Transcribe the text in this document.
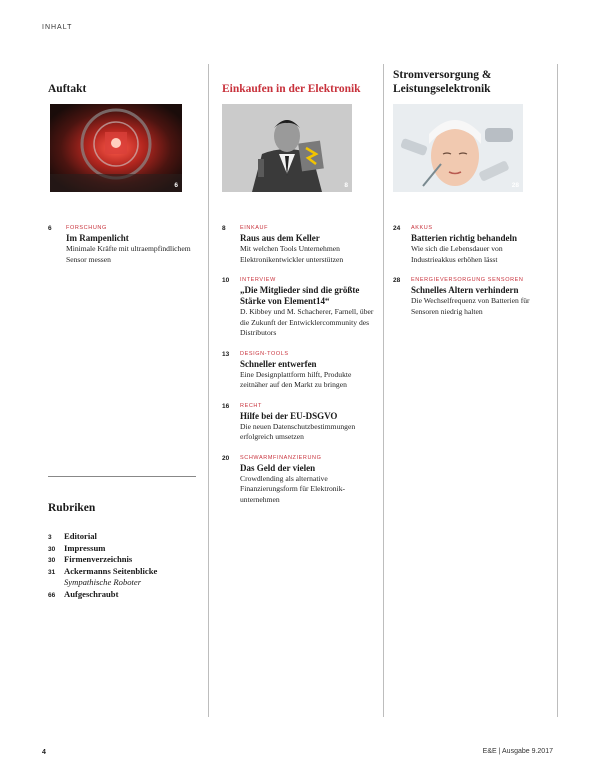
INHALT
Auftakt
6
6	FORSCHUNG
Im Rampenlicht
Minimale Kräfte mit ultraempfindlichem Sensor messen
Einkaufen in der Elektronik
8
8	EINKAUF
Raus aus dem Keller
Mit welchen Tools Unternehmen Elektronikentwickler unterstützen
10 INTERVIEW
„Die Mitglieder sind die größte Stärke von Element14“
D. Kibbey und M. Schacherer, Farnell, über die Zukunft der Entwicklercommunity des Distributors
13 DESIGN-TOOLS
Schneller entwerfen
Eine Designplattform hilft, Produkte zeitnäher auf den Markt zu bringen
16 RECHT
Hilfe bei der EU-DSGVO
Die neuen Datenschutzbestimmungen erfolgreich umsetzen
20 SCHWARMFINANZIERUNG
Das Geld der vielen
Crowdlending als alternative Finanzierungsform für Elektronikunternehmen
Stromversorgung & Leistungselektronik
28
24 AKKUS
Batterien richtig behandeln
Wie sich die Lebensdauer von Industrieakkus erhöhen lässt
28 ENERGIEVERSORGUNG SENSOREN
Schnelles Altern verhindern
Die Wechselfrequenz von Batterien für Sensoren niedrig halten
Rubriken
3 Editorial
30 Impressum
30 Firmenverzeichnis
31 Ackermanns Seitenblicke
Sympathische Roboter
66 Aufgeschraubt
4	E&E | Ausgabe 9.2017
